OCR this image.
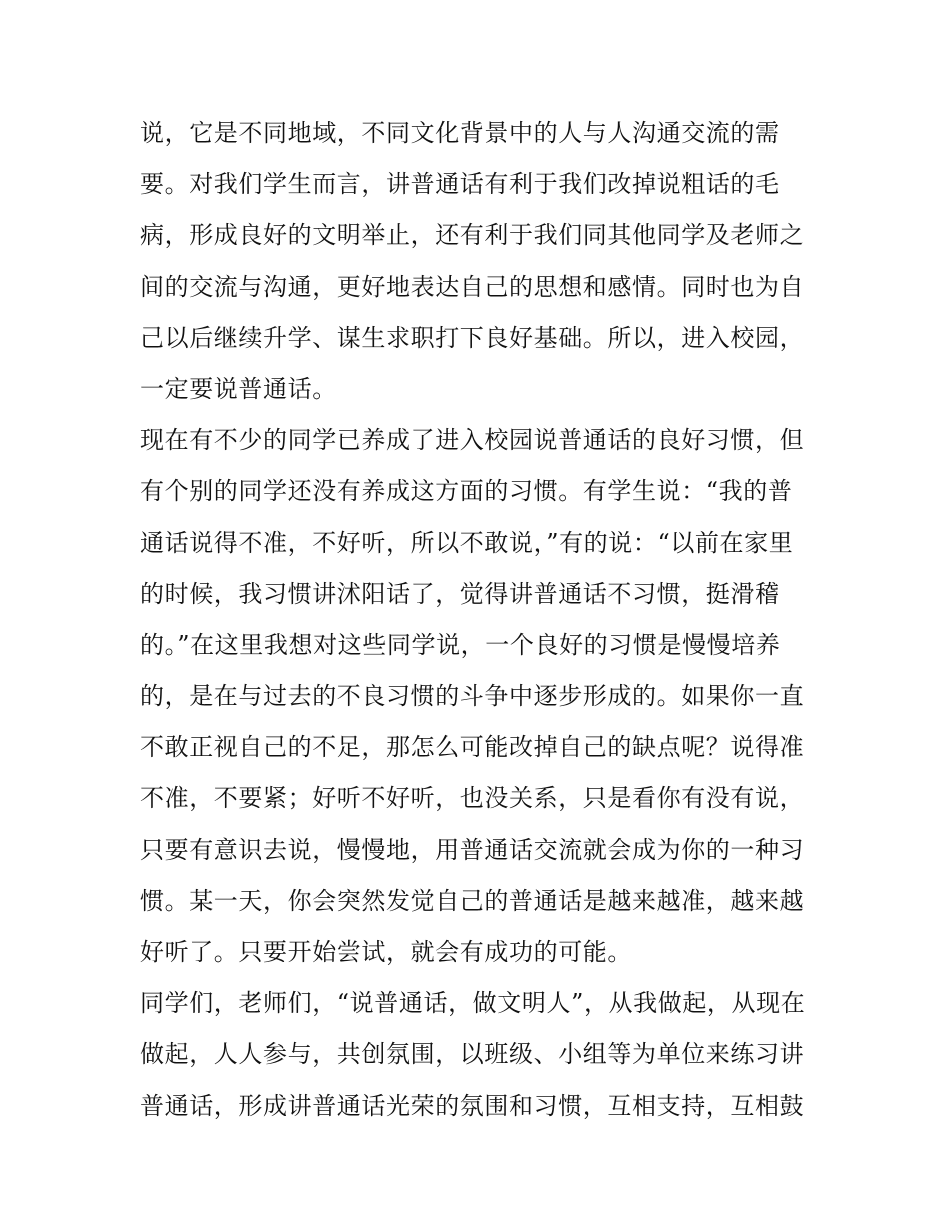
说，它是不同地域，不同文化背景中的人与人沟通交流的需
要。对我们学生而言，讲普通话有利于我们改掉说粗话的毛
病，形成良好的文明举止，还有利于我们同其他同学及老师之
间的交流与沟通，更好地表达自己的思想和感情。同时也为自
己以后继续升学、谋生求职打下良好基础。所以，进入校园，
一定要说普通话。
现在有不少的同学已养成了进入校园说普通话的良好习惯，但
有个别的同学还没有养成这方面的习惯。有学生说：“我的普
通话说得不准，不好听，所以不敢说，”有的说：“以前在家里
的时候，我习惯讲沭阳话了，觉得讲普通话不习惯，挺滑稽
的。”在这里我想对这些同学说，一个良好的习惯是慢慢培养
的，是在与过去的不良习惯的斗争中逐步形成的。如果你一直
不敢正视自己的不足，那怎么可能改掉自己的缺点呢？说得准
不准，不要紧；好听不好听，也没关系，只是看你有没有说，
只要有意识去说，慢慢地，用普通话交流就会成为你的一种习
惯。某一天，你会突然发觉自己的普通话是越来越准，越来越
好听了。只要开始尝试，就会有成功的可能。
同学们，老师们，“说普通话，做文明人”，从我做起，从现在
做起，人人参与，共创氛围，以班级、小组等为单位来练习讲
普通话，形成讲普通话光荣的氛围和习惯，互相支持，互相鼓
